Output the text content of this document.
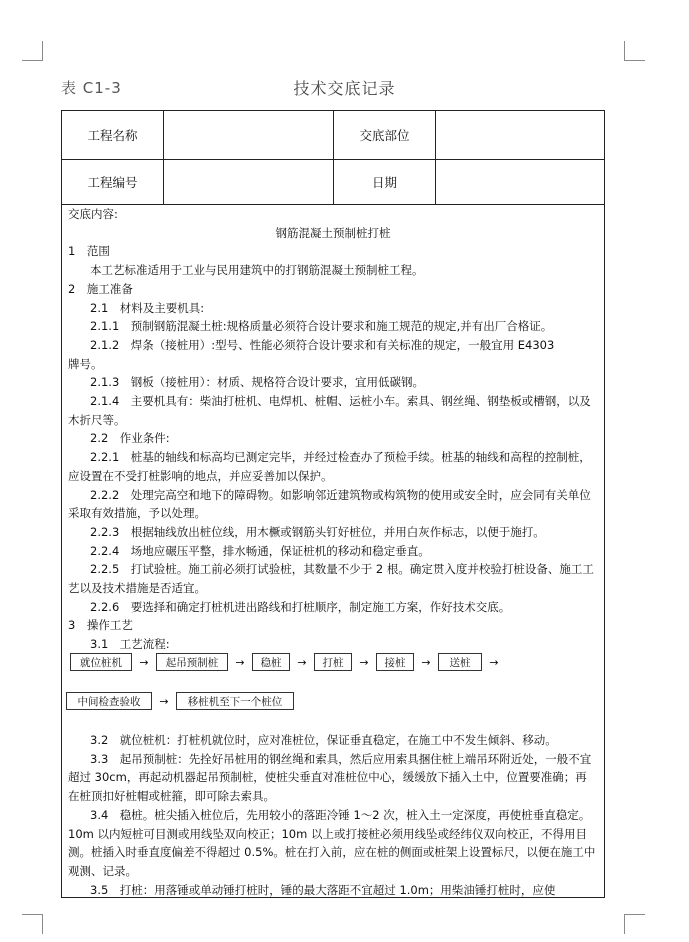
表 C1-3	技术交底记录
工程名称	交底部位
工程编号	日期

交底内容:

钢筋混凝土预制桩打桩

1　范围

本工艺标准适用于工业与民用建筑中的打钢筋混凝土预制桩工程。

2　施工准备

2.1　材料及主要机具:

2.1.1　预制钢筋混凝土桩:规格质量必须符合设计要求和施工规范的规定,并有出厂合格证。

2.1.2　焊条（接桩用）:型号、性能必须符合设计要求和有关标准的规定，一般宜用 E4303

牌号。

2.1.3　钢板（接桩用）：材质、规格符合设计要求，宜用低碳钢。

2.1.4　主要机具有：柴油打桩机、电焊机、桩帽、运桩小车。索具、钢丝绳、钢垫板或槽钢，以及木折尺等。

2.2　作业条件:

2.2.1　桩基的轴线和标高均已测定完毕，并经过检查办了预检手续。桩基的轴线和高程的控制桩，应设置在不受打桩影响的地点，并应妥善加以保护。

2.2.2　处理完高空和地下的障碍物。如影响邻近建筑物或构筑物的使用或安全时，应会同有关单位采取有效措施，予以处理。

2.2.3　根据轴线放出桩位线，用木橛或钢筋头钉好桩位，并用白灰作标志，以便于施打。

2.2.4　场地应碾压平整，排水畅通，保证桩机的移动和稳定垂直。

2.2.5　打试验桩。施工前必须打试验桩，其数量不少于 2 根。确定贯入度并校验打桩设备、施工工艺以及技术措施是否适宜。

2.2.6　要选择和确定打桩机进出路线和打桩顺序，制定施工方案，作好技术交底。

3　操作工艺

3.1　工艺流程:

就位桩机	→	起吊预制桩	→	稳桩	→	打桩	→	接桩	→	送桩	→
中间检查验收	→	移桩机至下一个桩位

3.2　就位桩机：打桩机就位时，应对准桩位，保证垂直稳定，在施工中不发生倾斜、移动。

3.3　起吊预制桩：先拴好吊桩用的钢丝绳和索具，然后应用索具捆住桩上端吊环附近处，一般不宜超过 30cm，再起动机器起吊预制桩，使桩尖垂直对准桩位中心，缓缓放下插入土中，位置要准确；再在桩顶扣好桩帽或桩箍，即可除去索具。

3.4　稳桩。桩尖插入桩位后，先用较小的落距冷锤 1～2 次，桩入土一定深度，再使桩垂直稳定。10m 以内短桩可目测或用线坠双向校正；10m 以上或打接桩必须用线坠或经纬仪双向校正，不得用目测。桩插入时垂直度偏差不得超过 0.5%。桩在打入前，应在桩的侧面或桩架上设置标尺，以便在施工中观测、记录。

3.5　打桩：用落锤或单动锤打桩时，锤的最大落距不宜超过 1.0m；用柴油锤打桩时，应使
